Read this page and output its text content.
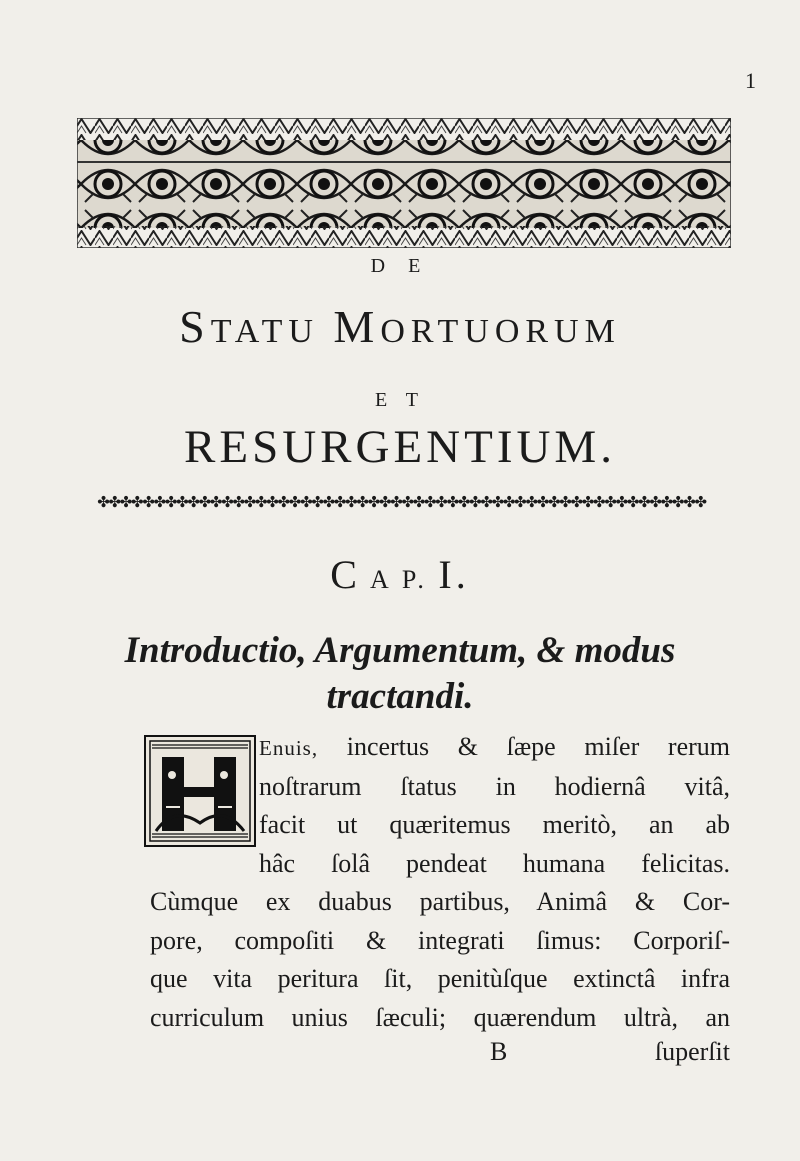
1
D E
STATU MORTUORUM
E T
RESURGENTIUM.
✤✤✤✤✤✤✤✤✤✤✤✤✤✤✤✤✤✤✤✤✤✤✤✤✤✤✤✤✤✤✤✤✤✤✤✤✤✤✤✤✤✤✤✤✤✤✤✤✤✤✤✤✤✤
C A P. I.
Introductio, Argumentum, & modus
tractandi.
Enuis, incertus & ſæpe miſer rerum
noſtrarum ſtatus in hodiernâ vitâ,
facit ut quæritemus meritò, an ab
hâc ſolâ pendeat humana felicitas.
Cùmque ex duabus partibus, Animâ & Cor-
pore, compoſiti & integrati ſimus: Corporiſ-
que vita peritura ſit, penitùſque extinctâ infra
curriculum unius ſæculi; quærendum ultrà, an
B	ſuperſit
